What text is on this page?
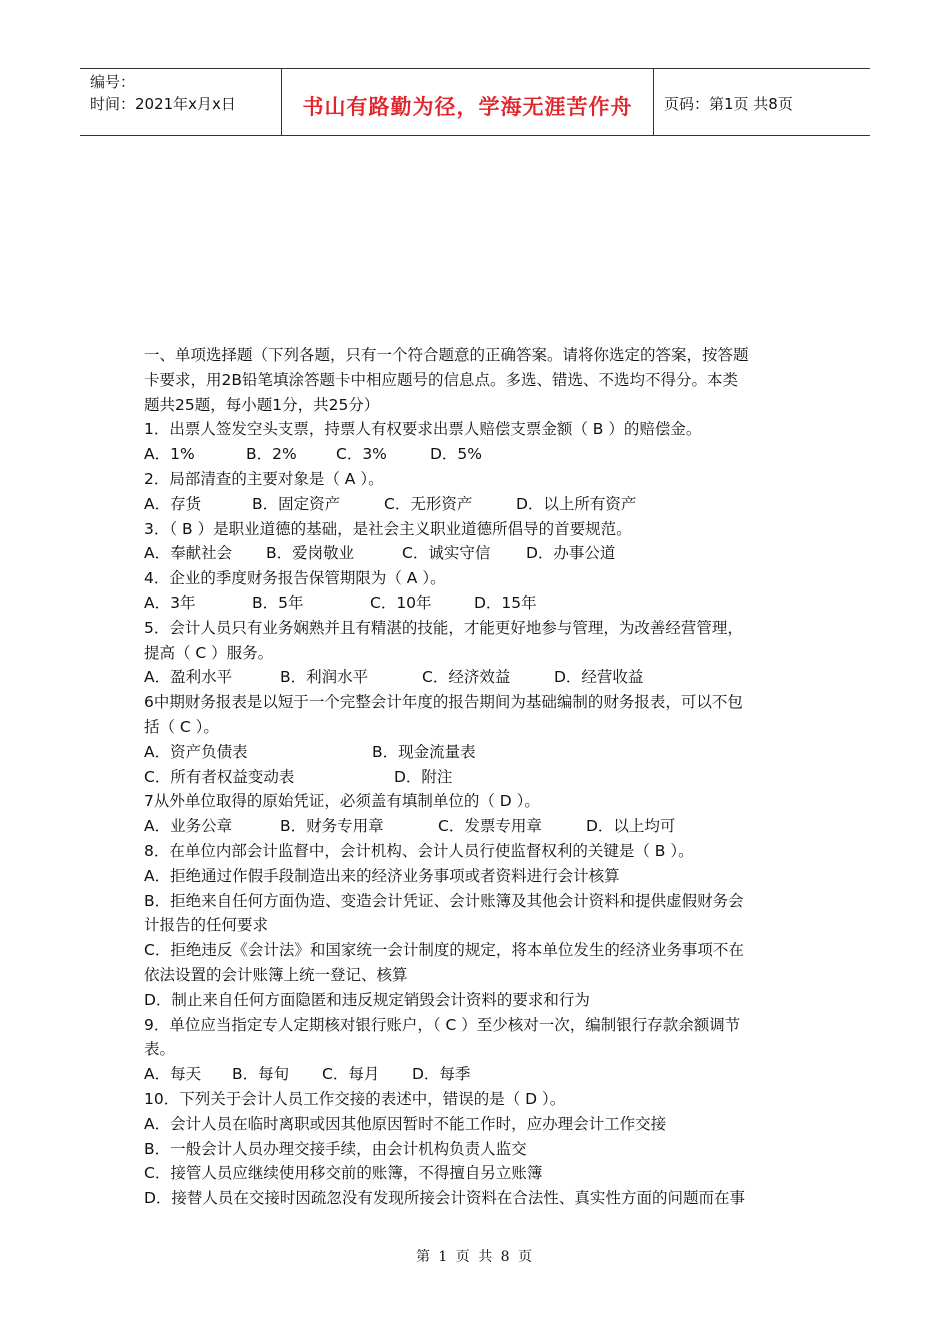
编号：
时间：2021年x月x日	书山有路勤为径，学海无涯苦作舟	页码：第1页 共8页
一、单项选择题（下列各题，只有一个符合题意的正确答案。请将你选定的答案，按答题
卡要求，用2B铅笔填涂答题卡中相应题号的信息点。多选、错选、不选均不得分。本类
题共25题，每小题1分，共25分）
1．出票人签发空头支票，持票人有权要求出票人赔偿支票金额（ B ）的赔偿金。
A．1%	B．2%	C．3%	D．5%
2．局部清查的主要对象是（ A ）。
A．存货	B．固定资产	C．无形资产	D．以上所有资产
3．（ B ）是职业道德的基础，是社会主义职业道德所倡导的首要规范。
A．奉献社会 B．爱岗敬业	C．诚实守信 D．办事公道
4．企业的季度财务报告保管期限为（ A ）。
A．3年	B．5年	C．10年	D．15年
5．会计人员只有业务娴熟并且有精湛的技能，才能更好地参与管理，为改善经营管理，
提高（ C ）服务。
A．盈利水平	B．利润水平	C．经济效益	D．经营收益
6中期财务报表是以短于一个完整会计年度的报告期间为基础编制的财务报表，可以不包
括（ C ）。
A．资产负债表	B．现金流量表
C．所有者权益变动表	D．附注
7从外单位取得的原始凭证，必须盖有填制单位的（ D ）。
A．业务公章	B．财务专用章	C．发票专用章	D．以上均可
8．在单位内部会计监督中，会计机构、会计人员行使监督权利的关键是（ B ）。
A．拒绝通过作假手段制造出来的经济业务事项或者资料进行会计核算
B．拒绝来自任何方面伪造、变造会计凭证、会计账簿及其他会计资料和提供虚假财务会
计报告的任何要求
C．拒绝违反《会计法》和国家统一会计制度的规定，将本单位发生的经济业务事项不在
依法设置的会计账簿上统一登记、核算
D．制止来自任何方面隐匿和违反规定销毁会计资料的要求和行为
9．单位应当指定专人定期核对银行账户，（ C ）至少核对一次，编制银行存款余额调节
表。
A．每天 B．每旬 C．每月 D．每季
10．下列关于会计人员工作交接的表述中，错误的是（ D ）。
A．会计人员在临时离职或因其他原因暂时不能工作时，应办理会计工作交接
B．一般会计人员办理交接手续，由会计机构负责人监交
C．接管人员应继续使用移交前的账簿，不得擅自另立账簿
D．接替人员在交接时因疏忽没有发现所接会计资料在合法性、真实性方面的问题而在事
第 1 页 共 8 页
